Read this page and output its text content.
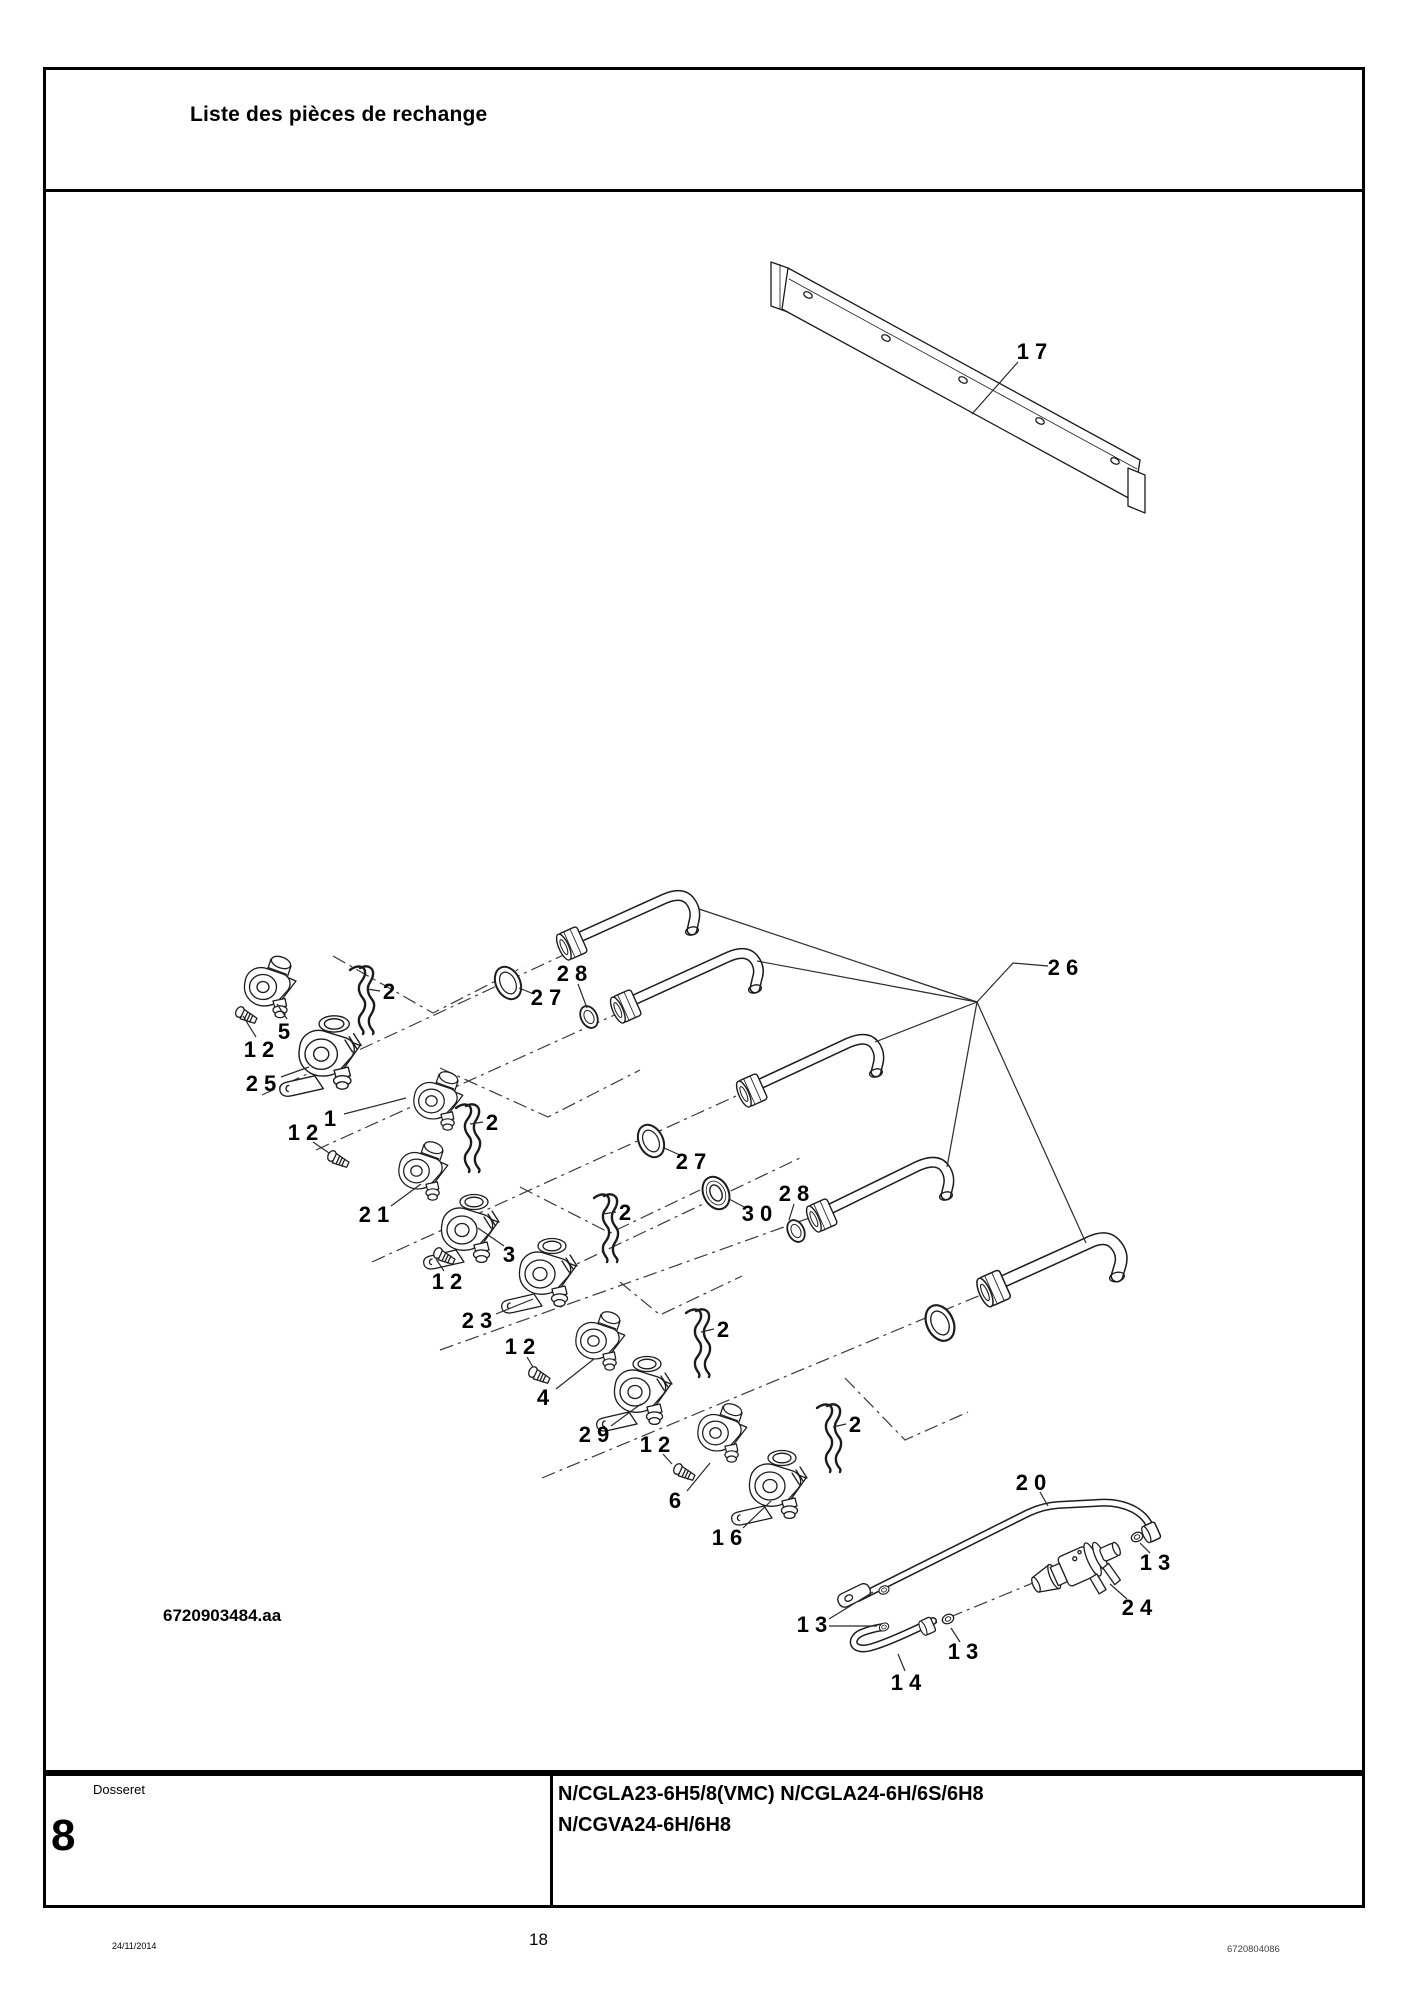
Liste des pièces de rechange
17
2
5
12
25
27
28
1
12	2
21
3
12
23
27
30
28
2
12
4
29
2
12
6
16
2
26
20
13
24
13
13
14
6720903484.aa
Dosseret
8
N/CGLA23-6H5/8(VMC) N/CGLA24-6H/6S/6H8
N/CGVA24-6H/6H8
24/11/2014	18
6720804086
